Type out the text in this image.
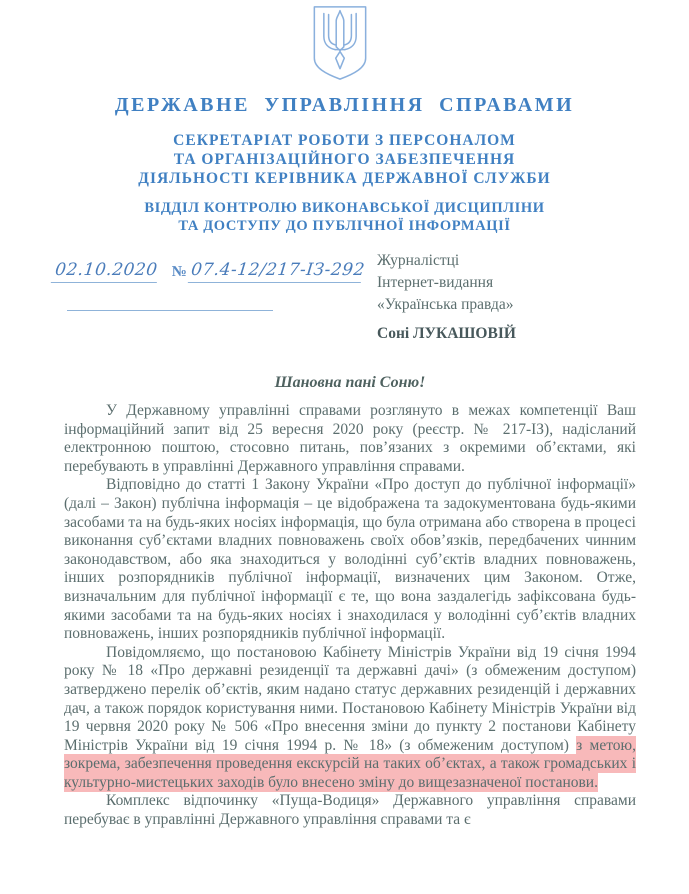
ДЕРЖАВНЕ УПРАВЛІННЯ СПРАВАМИ
СЕКРЕТАРІАТ РОБОТИ З ПЕРСОНАЛОМ
ТА ОРГАНІЗАЦІЙНОГО ЗАБЕЗПЕЧЕННЯ
ДІЯЛЬНОСТІ КЕРІВНИКА ДЕРЖАВНОЇ СЛУЖБИ
ВІДДІЛ КОНТРОЛЮ ВИКОНАВСЬКОЇ ДИСЦИПЛІНИ
ТА ДОСТУПУ ДО ПУБЛІЧНОЇ ІНФОРМАЦІЇ
02.10.2020 № 07.4-12/217-ІЗ-292 Журналістці
Інтернет-видання
«Українська правда»
Соні ЛУКАШОВІЙ
Шановна пані Соню!

У Державному управлінні справами розглянуто в межах компетенції Ваш інформаційний запит від 25 вересня 2020 року (реєстр. № 217-ІЗ), надісланий електронною поштою, стосовно питань, пов’язаних з окремими об’єктами, які перебувають в управлінні Державного управління справами.

Відповідно до статті 1 Закону України «Про доступ до публічної інформації» (далі – Закон) публічна інформація – це відображена та задокументована будь-якими засобами та на будь-яких носіях інформація, що була отримана або створена в процесі виконання суб’єктами владних повноважень своїх обов’язків, передбачених чинним законодавством, або яка знаходиться у володінні суб’єктів владних повноважень, інших розпорядників публічної інформації, визначених цим Законом. Отже, визначальним для публічної інформації є те, що вона заздалегідь зафіксована будь-якими засобами та на будь-яких носіях і знаходилася у володінні суб’єктів владних повноважень, інших розпорядників публічної інформації.

Повідомляємо, що постановою Кабінету Міністрів України від 19 січня 1994 року № 18 «Про державні резиденції та державні дачі» (з обмеженим доступом) затверджено перелік об’єктів, яким надано статус державних резиденцій і державних дач, а також порядок користування ними. Постановою Кабінету Міністрів України від 19 червня 2020 року № 506 «Про внесення зміни до пункту 2 постанови Кабінету Міністрів України від 19 січня 1994 р. № 18» (з обмеженим доступом) з метою, зокрема, забезпечення проведення екскурсій на таких об’єктах, а також громадських і культурно-мистецьких заходів було внесено зміну до вищезазначеної постанови.

Комплекс відпочинку «Пуща-Водиця» Державного управління справами перебуває в управлінні Державного управління справами та є
